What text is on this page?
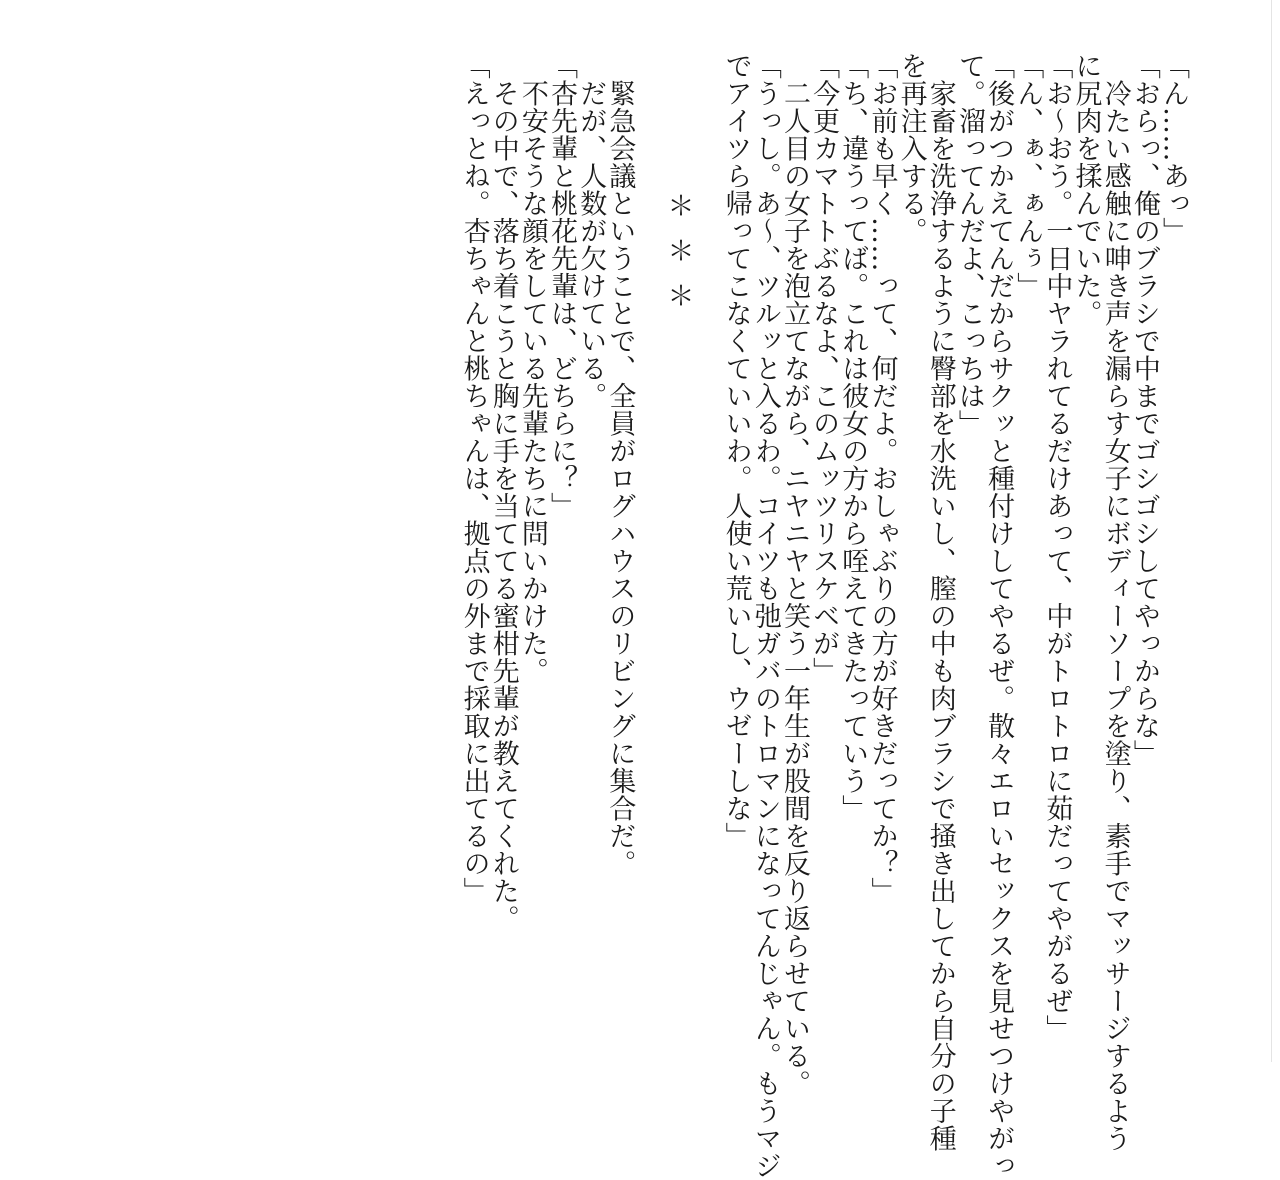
「ん……あっ」

「おらっ、俺のブラシで中までゴシゴシしてやっからな」

　冷たい感触に呻き声を漏らす女子にボディーソープを塗り、素手でマッサージするよう

に尻肉を揉んでいた。

「お～おう。一日中ヤラれてるだけあって、中がトロトロに茹だってやがるぜ」

「ん、ぁ、ぁんぅ」

「後がつかえてんだからサクッと種付けしてやるぜ。散々エロいセックスを見せつけやがっ

て。溜ってんだよ、こっちは」

　家畜を洗浄するように臀部を水洗いし、膣の中も肉ブラシで掻き出してから自分の子種

を再注入する。

「お前も早く……って、何だよ。おしゃぶりの方が好きだってか？」

「ち、違うってば。これは彼女の方から咥えてきたっていう」

「今更カマトトぶるなよ、このムッツリスケベが」

　二人目の女子を泡立てながら、ニヤニヤと笑う一年生が股間を反り返らせている。

「うっし。あ～、ツルッと入るわ。コイツも弛ガバのトロマンになってんじゃん。もうマジ

でアイツら帰ってこなくていいわ。人使い荒いし、ウゼーしな」

＊＊＊

　緊急会議ということで、全員がログハウスのリビングに集合だ。

　だが、人数が欠けている。

「杏先輩と桃花先輩は、どちらに？」

　不安そうな顔をしている先輩たちに問いかけた。

　その中で、落ち着こうと胸に手を当ててる蜜柑先輩が教えてくれた。

「えっとね。杏ちゃんと桃ちゃんは、拠点の外まで採取に出てるの」
